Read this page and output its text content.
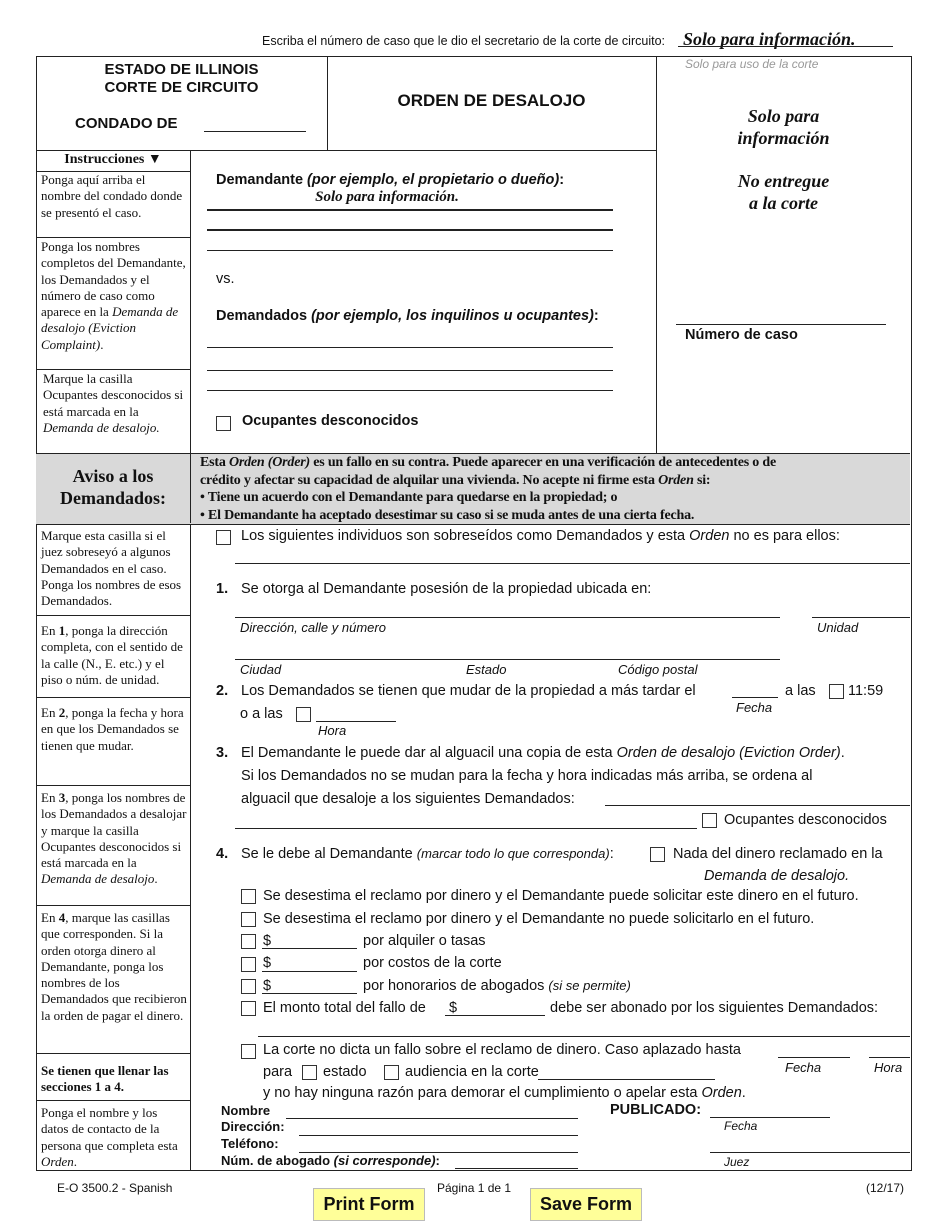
Escriba el número de caso que le dio el secretario de la corte de circuito: Solo para información.
ESTADO DE ILLINOIS
CORTE DE CIRCUITO
CONDADO DE
ORDEN DE DESALOJO
Solo para uso de la corte
Solo para
información
No entregue
a la corte
Número de caso
Instrucciones ▼
Ponga aquí arriba el nombre del condado donde se presentó el caso.
Ponga los nombres completos del Demandante, los Demandados y el número de caso como aparece en la Demanda de desalojo (Eviction Complaint).
Marque la casilla Ocupantes desconocidos si está marcada en la Demanda de desalojo.
Marque esta casilla si el juez sobreseyó a algunos Demandados en el caso. Ponga los nombres de esos Demandados.
En 1, ponga la dirección completa, con el sentido de la calle (N., E. etc.) y el piso o núm. de unidad.
En 2, ponga la fecha y hora en que los Demandados se tienen que mudar.
En 3, ponga los nombres de los Demandados a desalojar y marque la casilla Ocupantes desconocidos si está marcada en la Demanda de desalojo.
En 4, marque las casillas que corresponden. Si la orden otorga dinero al Demandante, ponga los nombres de los Demandados que recibieron la orden de pagar el dinero.
Se tienen que llenar las secciones 1 a 4.
Ponga el nombre y los datos de contacto de la persona que completa esta Orden.
Demandante (por ejemplo, el propietario o dueño):
Solo para información.
vs.
Demandados (por ejemplo, los inquilinos u ocupantes):
Ocupantes desconocidos
Aviso a los
Demandados:
Esta Orden (Order) es un fallo en su contra. Puede aparecer en una verificación de antecedentes o de
crédito y afectar su capacidad de alquilar una vivienda. No acepte ni firme esta Orden si:
• Tiene un acuerdo con el Demandante para quedarse en la propiedad; o
• El Demandante ha aceptado desestimar su caso si se muda antes de una cierta fecha.
Los siguientes individuos son sobreseídos como Demandados y esta Orden no es para ellos:
1. Se otorga al Demandante posesión de la propiedad ubicada en:
Dirección, calle y número	Unidad
Ciudad	Estado	Código postal
2. Los Demandados se tienen que mudar de la propiedad a más tardar el	a las 11:59
Fecha
o a las
Hora
3. El Demandante le puede dar al alguacil una copia de esta Orden de desalojo (Eviction Order).
Si los Demandados no se mudan para la fecha y hora indicadas más arriba, se ordena al
alguacil que desaloje a los siguientes Demandados:
Ocupantes desconocidos
4. Se le debe al Demandante (marcar todo lo que corresponda):	Nada del dinero reclamado en la
Demanda de desalojo.
Se desestima el reclamo por dinero y el Demandante puede solicitar este dinero en el futuro.
Se desestima el reclamo por dinero y el Demandante no puede solicitarlo en el futuro.
$	por alquiler o tasas
$	por costos de la corte
$	por honorarios de abogados (si se permite)
El monto total del fallo de $	debe ser abonado por los siguientes Demandados:
La corte no dicta un fallo sobre el reclamo de dinero. Caso aplazado hasta
Fecha	Hora
para estado	audiencia en la corte
y no hay ninguna razón para demorar el cumplimiento o apelar esta Orden.
Nombre
Dirección:
Teléfono:
Núm. de abogado (si corresponde):
PUBLICADO:
Fecha
Juez
E-O 3500.2 - Spanish	Página 1 de 1	(12/17)
Print Form	Save Form
